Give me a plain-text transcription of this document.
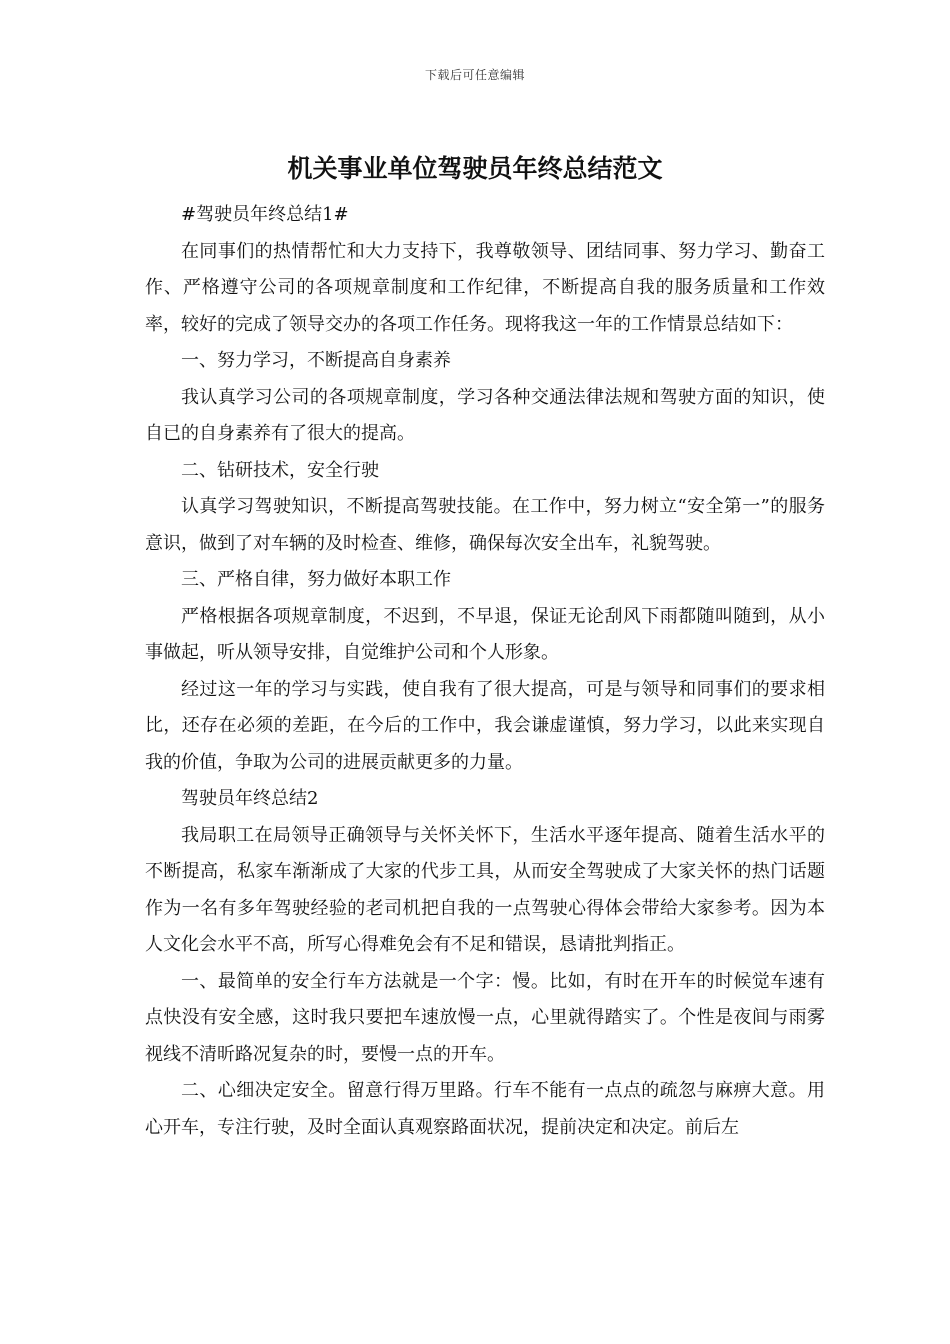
下载后可任意编辑
机关事业单位驾驶员年终总结范文

#驾驶员年终总结1#

在同事们的热情帮忙和大力支持下，我尊敬领导、团结同事、努力学习、勤奋工作、严格遵守公司的各项规章制度和工作纪律，不断提高自我的服务质量和工作效率，较好的完成了领导交办的各项工作任务。现将我这一年的工作情景总结如下：

一、努力学习，不断提高自身素养

我认真学习公司的各项规章制度，学习各种交通法律法规和驾驶方面的知识，使自已的自身素养有了很大的提高。

二、钻研技术，安全行驶

认真学习驾驶知识，不断提高驾驶技能。在工作中，努力树立“安全第一”的服务意识，做到了对车辆的及时检查、维修，确保每次安全出车，礼貌驾驶。

三、严格自律，努力做好本职工作

严格根据各项规章制度，不迟到，不早退，保证无论刮风下雨都随叫随到，从小事做起，听从领导安排，自觉维护公司和个人形象。

经过这一年的学习与实践，使自我有了很大提高，可是与领导和同事们的要求相比，还存在必须的差距，在今后的工作中，我会谦虚谨慎，努力学习，以此来实现自我的价值，争取为公司的进展贡献更多的力量。

驾驶员年终总结2

我局职工在局领导正确领导与关怀关怀下，生活水平逐年提高、随着生活水平的不断提高，私家车渐渐成了大家的代步工具，从而安全驾驶成了大家关怀的热门话题作为一名有多年驾驶经验的老司机把自我的一点驾驶心得体会带给大家参考。因为本人文化会水平不高，所写心得难免会有不足和错误，恳请批判指正。

一、最简单的安全行车方法就是一个字：慢。比如，有时在开车的时候觉车速有点快没有安全感，这时我只要把车速放慢一点，心里就得踏实了。个性是夜间与雨雾视线不清昕路况复杂的时，要慢一点的开车。

二、心细决定安全。留意行得万里路。行车不能有一点点的疏忽与麻痹大意。用心开车，专注行驶，及时全面认真观察路面状况，提前决定和决定。前后左
